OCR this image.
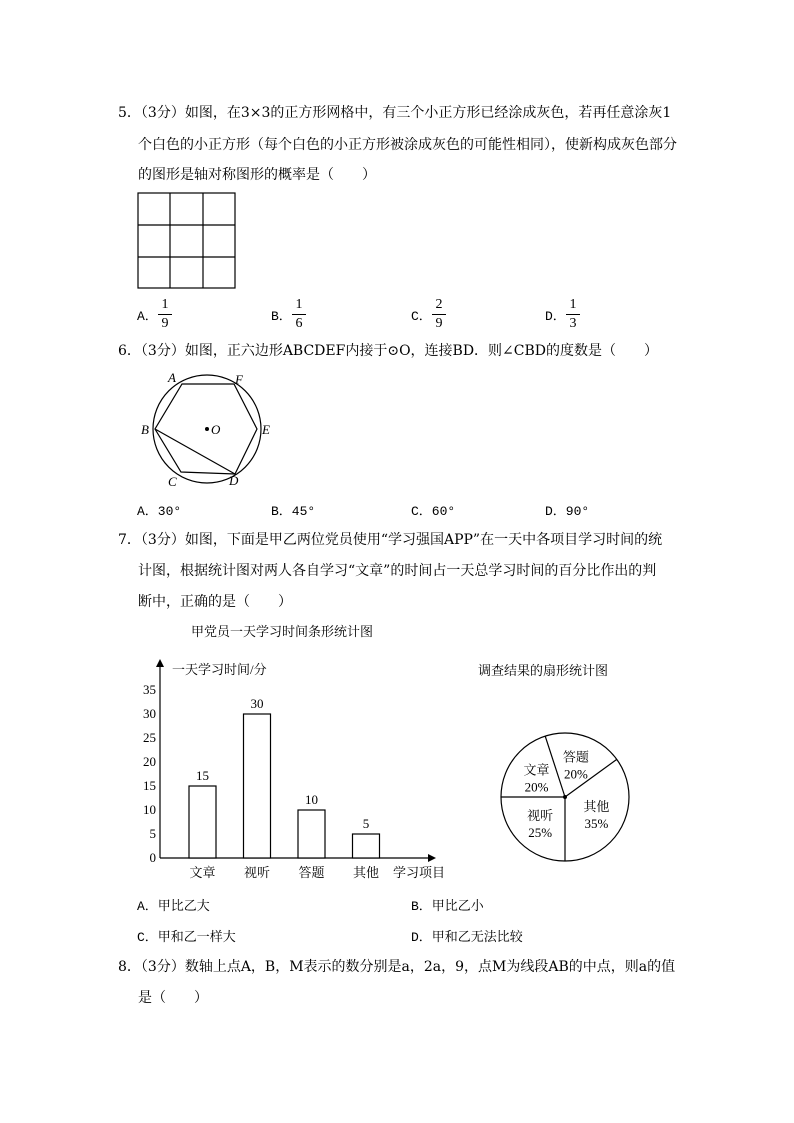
5．（3分）如图，在3×3的正方形网格中，有三个小正方形已经涂成灰色，若再任意涂灰1
个白色的小正方形（每个白色的小正方形被涂成灰色的可能性相同），使新构成灰色部分
的图形是轴对称图形的概率是（　　）
A．
1
9	B．
1
6	C．
2
9	D．
1
3
6．（3分）如图，正六边形ABCDEF内接于⊙O，连接BD．则∠CBD的度数是（　　）
A	F
B	O	E
C	D
A．30°	B．45°	C．60°	D．90°
7．（3分）如图，下面是甲乙两位党员使用“学习强国APP”在一天中各项目学习时间的统
计图，根据统计图对两人各自学习“文章”的时间占一天总学习时间的百分比作出的判
断中，正确的是（　　）
甲党员一天学习时间条形统计图
一天学习时间/分
学习项目
0
5
10
15
20
25
30
35
15
文章
30
视听
10
答题
5
其他
调查结果的扇形统计图
文章
20%
答题
20%
其他
35%
视听
25%
A．甲比乙大	B．甲比乙小
C．甲和乙一样大	D．甲和乙无法比较
8．（3分）数轴上点A，B，M表示的数分别是a，2a，9，点M为线段AB的中点，则a的值
是（　　）
